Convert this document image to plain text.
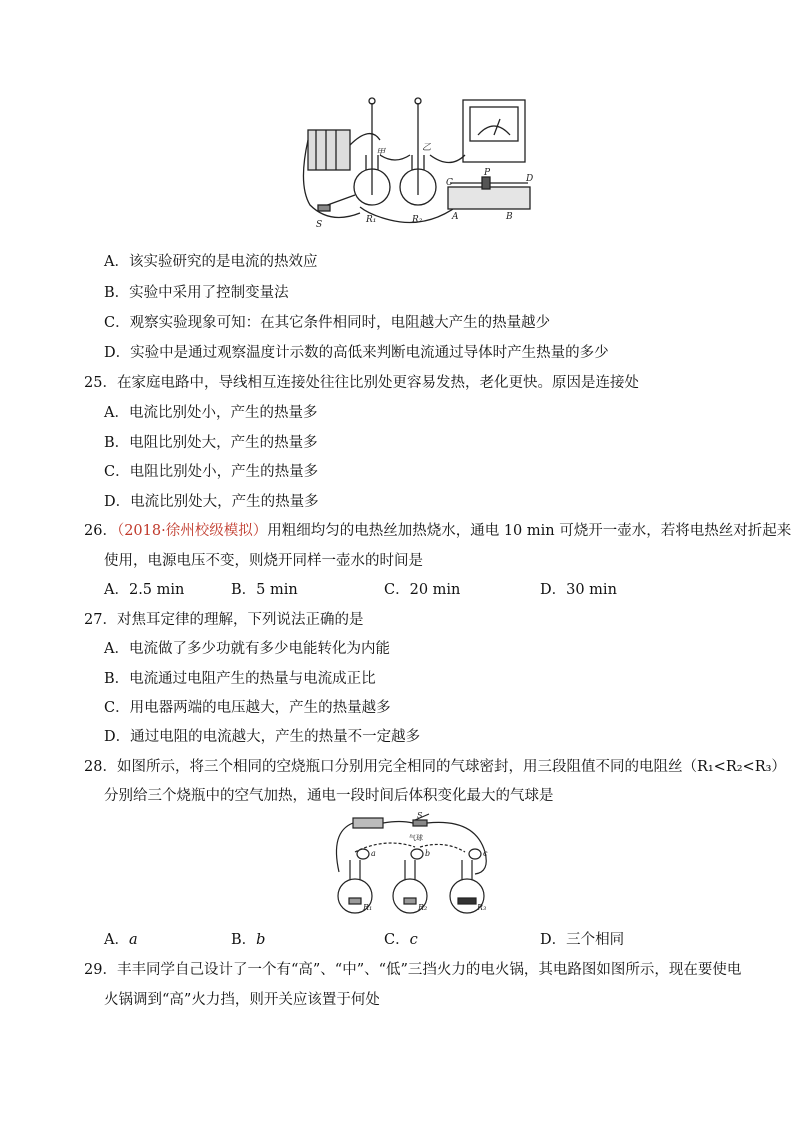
甲	乙
S	R₁	R₂	A	B
C	D
P
A．该实验研究的是电流的热效应
B．实验中采用了控制变量法
C．观察实验现象可知：在其它条件相同时，电阻越大产生的热量越少
D．实验中是通过观察温度计示数的高低来判断电流通过导体时产生热量的多少
25．在家庭电路中，导线相互连接处往往比别处更容易发热，老化更快。原因是连接处
A．电流比别处小，产生的热量多
B．电阻比别处大，产生的热量多
C．电阻比别处小，产生的热量多
D．电流比别处大，产生的热量多
26．（2018·徐州校级模拟）用粗细均匀的电热丝加热烧水，通电 10 min 可烧开一壶水，若将电热丝对折起来
使用，电源电压不变，则烧开同样一壶水的时间是
A．2.5 min	B．5 min	C．20 min	D．30 min
27．对焦耳定律的理解，下列说法正确的是
A．电流做了多少功就有多少电能转化为内能
B．电流通过电阻产生的热量与电流成正比
C．用电器两端的电压越大，产生的热量越多
D．通过电阻的电流越大，产生的热量不一定越多
28．如图所示，将三个相同的空烧瓶口分别用完全相同的气球密封，用三段阻值不同的电阻丝（R₁<R₂<R₃）
分别给三个烧瓶中的空气加热，通电一段时间后体积变化最大的气球是
S
a	b	c
R₁	R₂	R₃
气球
A．a	B．b	C．c	D．三个相同
29．丰丰同学自己设计了一个有“高”、“中”、“低”三挡火力的电火锅，其电路图如图所示，现在要使电
火锅调到“高”火力挡，则开关应该置于何处
